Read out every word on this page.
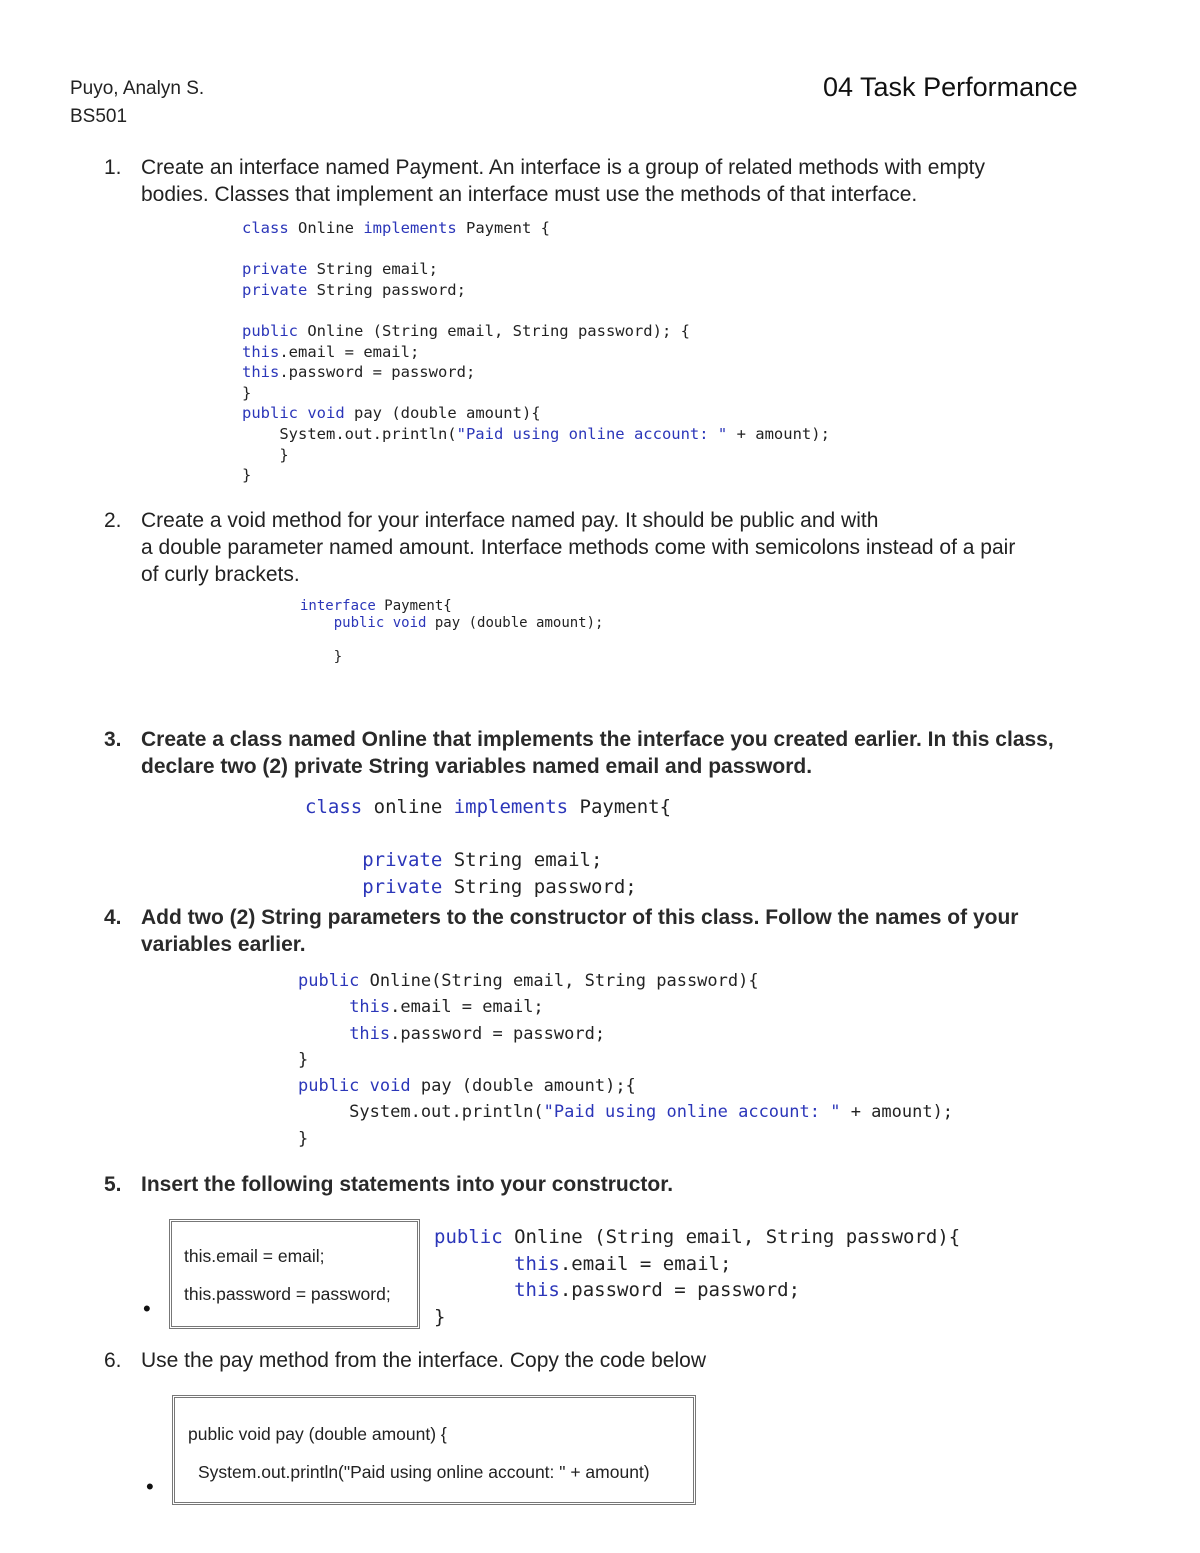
Puyo, Analyn S.
BS501
04 Task Performance
1. Create an interface named Payment. An interface is a group of related methods with empty
bodies. Classes that implement an interface must use the methods of that interface.
class Online implements Payment {

private String email;
private String password;

public Online (String email, String password); {
this.email = email;
this.password = password;
}
public void pay (double amount){
System.out.println("Paid using online account: " + amount);
}
}
2. Create a void method for your interface named pay. It should be public and with
a double parameter named amount. Interface methods come with semicolons instead of a pair
of curly brackets.
interface Payment{
public void pay (double amount);

}
3. Create a class named Online that implements the interface you created earlier. In this class,
declare two (2) private String variables named email and password.
class online implements Payment{

private String email;
private String password;
4. Add two (2) String parameters to the constructor of this class. Follow the names of your
variables earlier.
public Online(String email, String password){
this.email = email;
this.password = password;
}
public void pay (double amount);{
System.out.println("Paid using online account: " + amount);
}
5. Insert the following statements into your constructor.
this.email = email;
this.password = password;
•
public Online (String email, String password){
this.email = email;
this.password = password;
}
6. Use the pay method from the interface. Copy the code below
public void pay (double amount) {
System.out.println("Paid using online account: " + amount)
•
